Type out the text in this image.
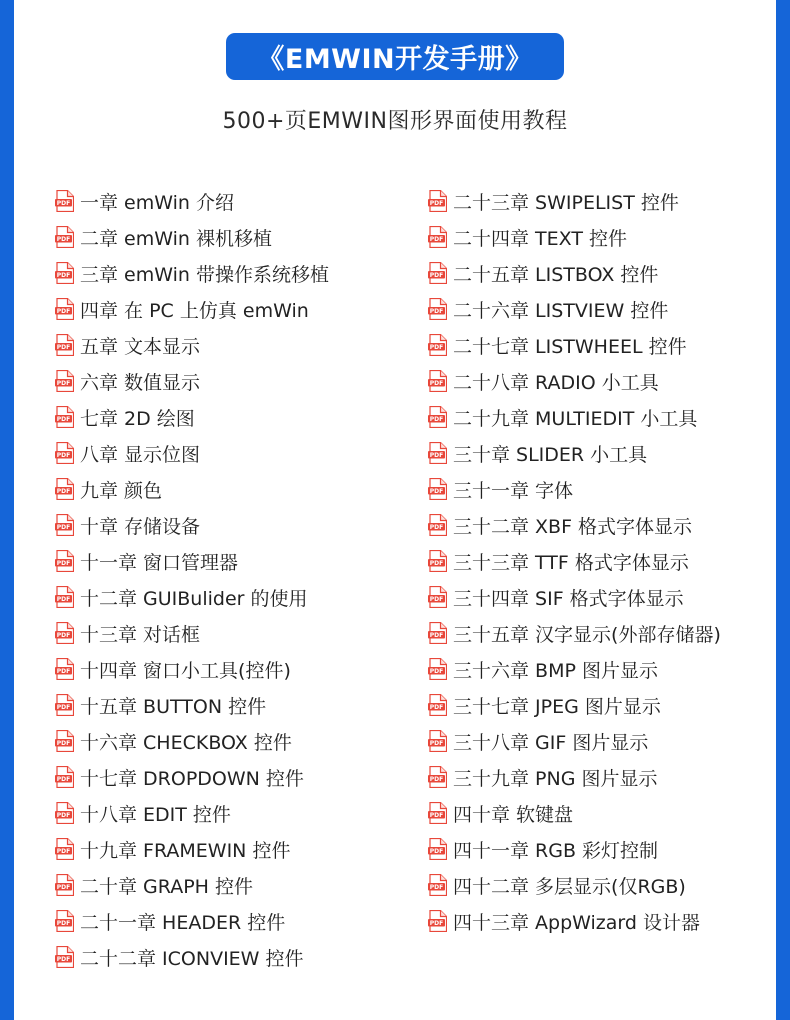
《EMWIN开发手册》
500+页EMWIN图形界面使用教程
PDF 一章 emWin 介绍
PDF 二章 emWin 裸机移植
PDF 三章 emWin 带操作系统移植
PDF 四章 在 PC 上仿真 emWin
PDF 五章 文本显示
PDF 六章 数值显示
PDF 七章 2D 绘图
PDF 八章 显示位图
PDF 九章 颜色
PDF 十章 存储设备
PDF 十一章 窗口管理器
PDF 十二章 GUIBulider 的使用
PDF 十三章 对话框
PDF 十四章 窗口小工具(控件)
PDF 十五章 BUTTON 控件
PDF 十六章 CHECKBOX 控件
PDF 十七章 DROPDOWN 控件
PDF 十八章 EDIT 控件
PDF 十九章 FRAMEWIN 控件
PDF 二十章 GRAPH 控件
PDF 二十一章 HEADER 控件
PDF 二十二章 ICONVIEW 控件
PDF 二十三章 SWIPELIST 控件
PDF 二十四章 TEXT 控件
PDF 二十五章 LISTBOX 控件
PDF 二十六章 LISTVIEW 控件
PDF 二十七章 LISTWHEEL 控件
PDF 二十八章 RADIO 小工具
PDF 二十九章 MULTIEDIT 小工具
PDF 三十章 SLIDER 小工具
PDF 三十一章 字体
PDF 三十二章 XBF 格式字体显示
PDF 三十三章 TTF 格式字体显示
PDF 三十四章 SIF 格式字体显示
PDF 三十五章 汉字显示(外部存储器)
PDF 三十六章 BMP 图片显示
PDF 三十七章 JPEG 图片显示
PDF 三十八章 GIF 图片显示
PDF 三十九章 PNG 图片显示
PDF 四十章 软键盘
PDF 四十一章 RGB 彩灯控制
PDF 四十二章 多层显示(仅RGB)
PDF 四十三章 AppWizard 设计器
